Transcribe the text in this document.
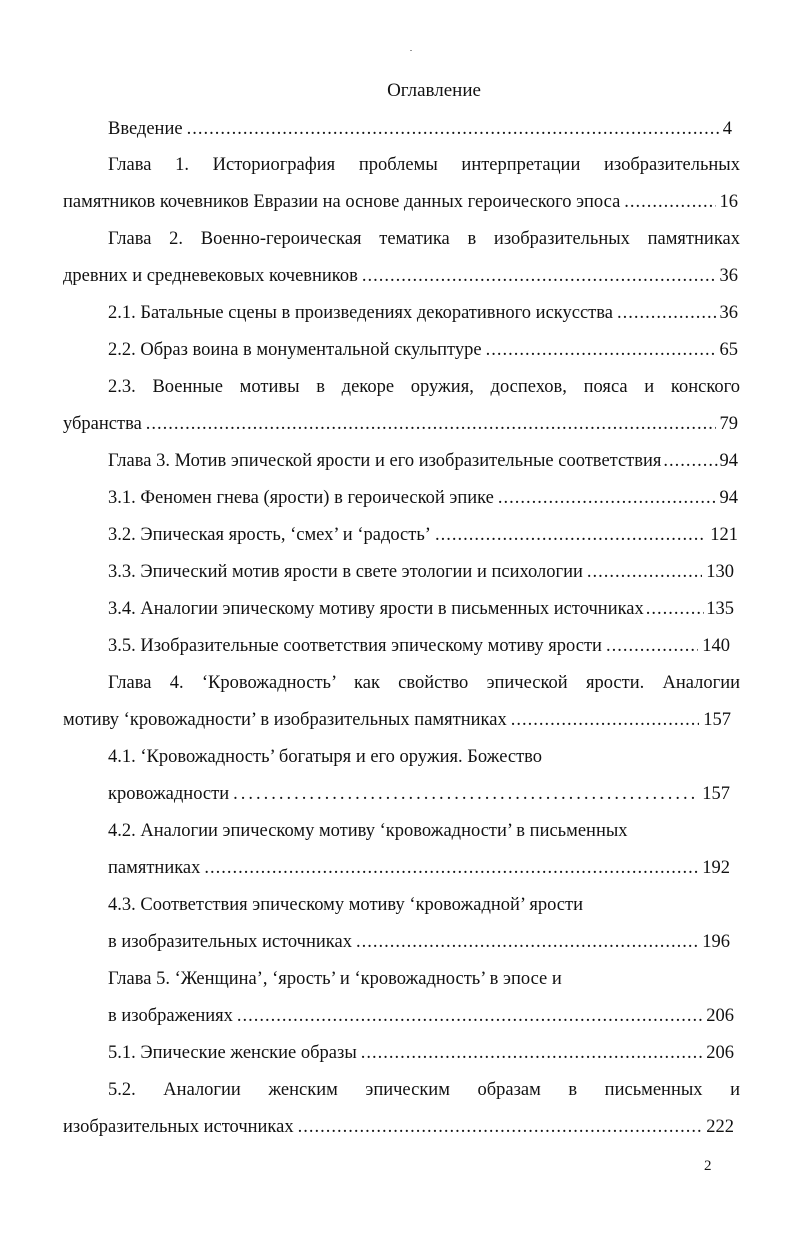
Оглавление
Введение .....	4
Глава 1. Историография проблемы интерпретации изобразительных
памятников кочевников Евразии на основе данных героического эпоса .....	16
Глава 2. Военно-героическая тематика в изобразительных памятниках
древних и средневековых кочевников .....	36
2.1. Батальные сцены в произведениях декоративного искусства .....	36
2.2. Образ воина в монументальной скульптуре .....	65
2.3. Военные мотивы в декоре оружия, доспехов, пояса и конского
убранства .....	79
Глава 3. Мотив эпической ярости и его изобразительные соответствия .....	94
3.1. Феномен гнева (ярости) в героической эпике .....	94
3.2. Эпическая ярость, ‘смех’ и ‘радость’ .....	121
3.3. Эпический мотив ярости в свете этологии и психологии .....	130
3.4. Аналогии эпическому мотиву ярости в письменных источниках .....	135
3.5. Изобразительные соответствия эпическому мотиву ярости .....	140
Глава 4. ‘Кровожадность’ как свойство эпической ярости. Аналогии
мотиву ‘кровожадности’ в изобразительных памятниках .....	157
4.1. ‘Кровожадность’ богатыря и его оружия. Божество
кровожадности .....	157
4.2. Аналогии эпическому мотиву ‘кровожадности’ в письменных
памятниках .....	192
4.3. Соответствия эпическому мотиву ‘кровожадной’ ярости
в изобразительных источниках .....	196
Глава 5. ‘Женщина’, ‘ярость’ и ‘кровожадность’ в эпосе и
в изображениях .....	206
5.1. Эпические женские образы .....	206
5.2. Аналогии женским эпическим образам в письменных и
изобразительных источниках .....	222
2
